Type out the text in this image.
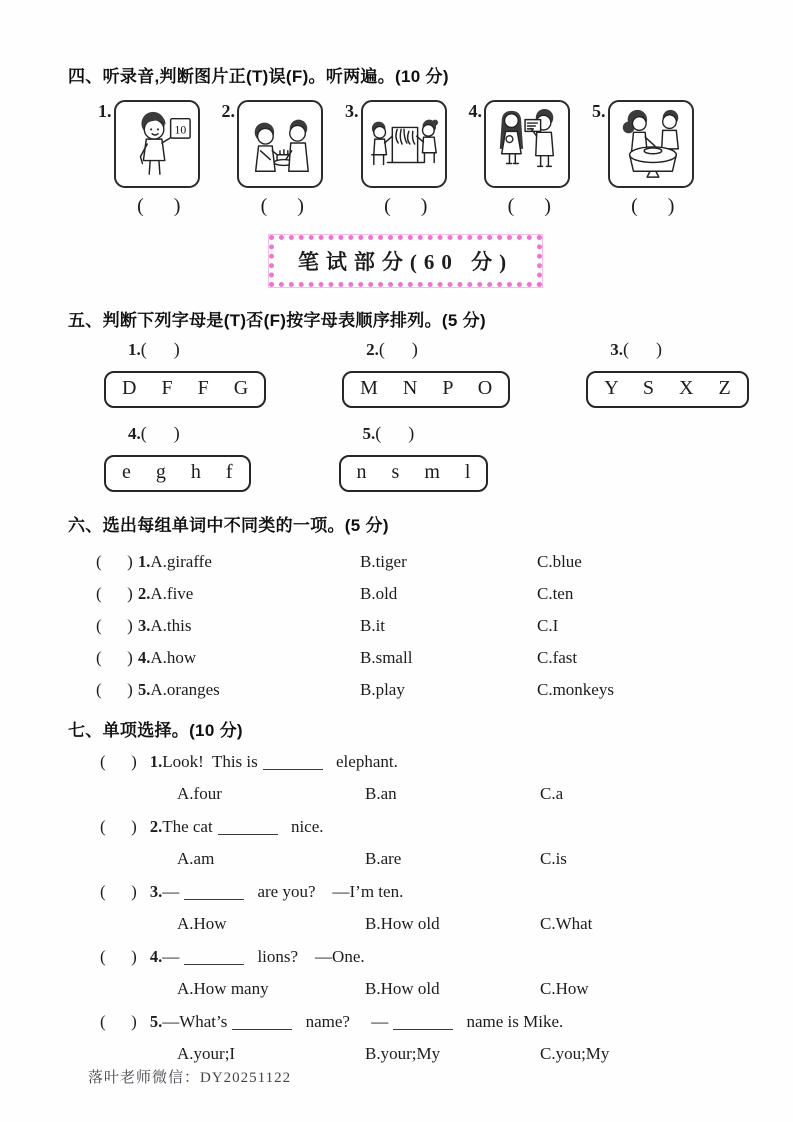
四、听录音,判断图片正(T)误(F)。听两遍。(10 分)
1.
10
(      )
2.
(      )
3.
(      )
4.
(      )
5.
(      )
笔试部分(60 分)
五、判断下列字母是(T)否(F)按字母表顺序排列。(5 分)
1.(      )
D F F G
2.(      )
M N P O
3.(      )
Y S X Z
4.(      )
e g h f
5.(      )
n s m l
六、选出每组单词中不同类的一项。(5 分)
(      ) 1.A.giraffe	B.tiger	C.blue
(      ) 2.A.five	B.old	C.ten
(      ) 3.A.this	B.it	C.I
(      ) 4.A.how	B.small	C.fast
(      ) 5.A.oranges	B.play	C.monkeys
七、单项选择。(10 分)
(      ) 1. Look!  This is	elephant.
A.four	B.an	C.a
(      ) 2. The cat	nice.
A.am	B.are	C.is
(      ) 3. —	are you?    —I’m ten.
A.How	B.How old	C.What
(      ) 4. —	lions?    —One.
A.How many	B.How old	C.How
(      ) 5. —What’s	name?     —	name is Mike.
A.your;I	B.your;My	C.you;My
落叶老师微信：DY20251122
